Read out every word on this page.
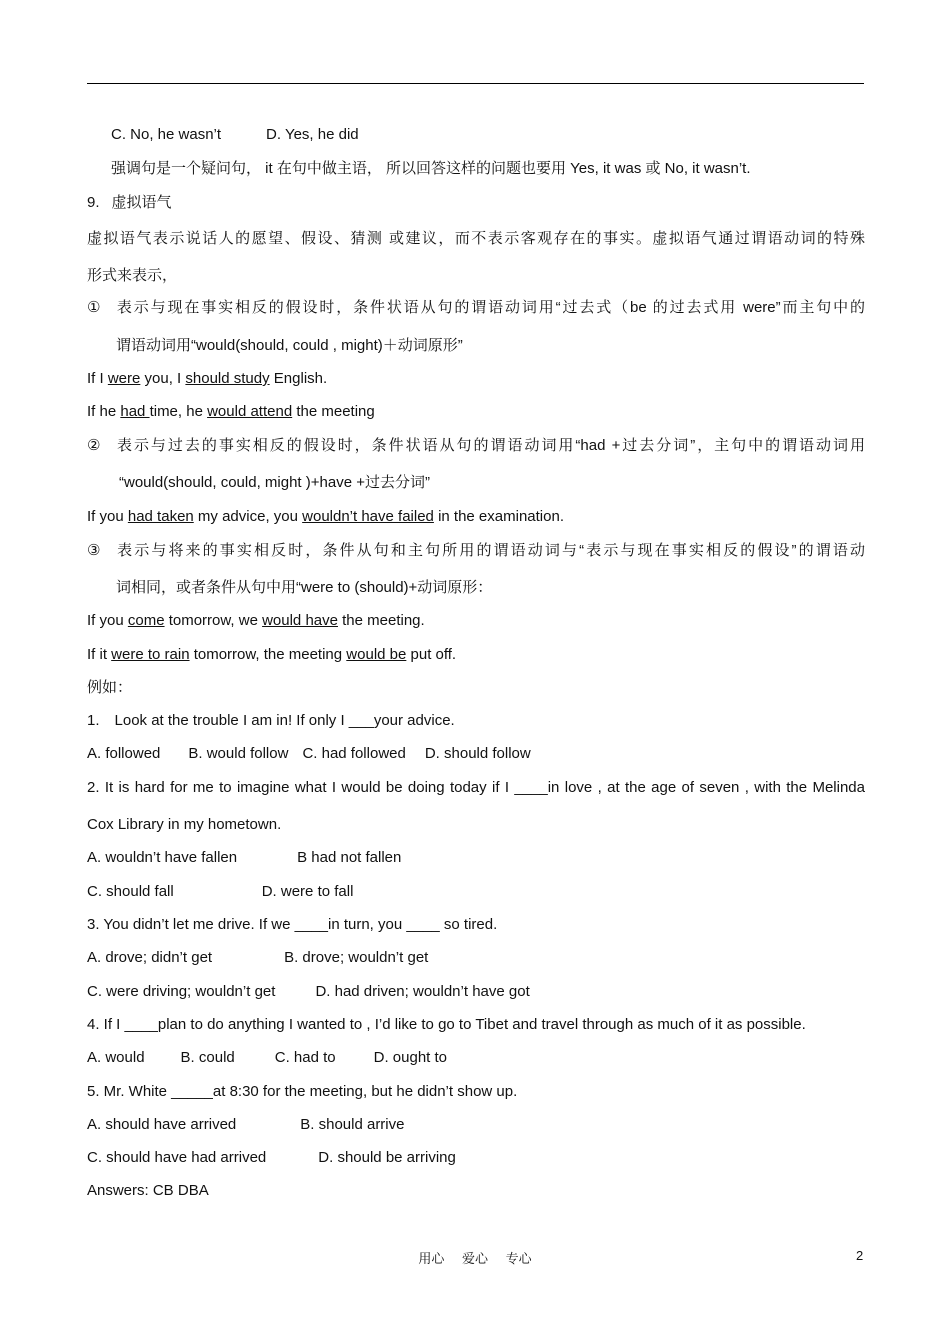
C. No, he wasn’t	D. Yes, he did
强调句是一个疑问句， it 在句中做主语， 所以回答这样的问题也要用 Yes, it was 或 No, it wasn’t.
9. 虚拟语气
虚拟语气表示说话人的愿望、假设、猜测 或建议，而不表示客观存在的事实。虚拟语气通过谓语动词的特殊
形式来表示，
① 表示与现在事实相反的假设时，条件状语从句的谓语动词用“过去式（be 的过去式用 were”而主句中的
谓语动词用“would(should, could , might)＋动词原形”
If I were you, I should study English.
If he had time, he would attend the meeting
② 表示与过去的事实相反的假设时，条件状语从句的谓语动词用“had +过去分词”，主句中的谓语动词用
“would(should, could, might )+have +过去分词”
If you had taken my advice, you wouldn’t have failed in the examination.
③ 表示与将来的事实相反时，条件从句和主句所用的谓语动词与“表示与现在事实相反的假设”的谓语动
词相同，或者条件从句中用“were to (should)+动词原形：
If you come tomorrow, we would have the meeting.
If it were to rain tomorrow, the meeting would be put off.
例如：
1. Look at the trouble I am in! If only I ___your advice.
A. followed B. would follow C. had followed D. should follow
2. It is hard for me to imagine what I would be doing today if I ____in love , at the age of seven , with the Melinda
Cox Library in my hometown.
A. wouldn’t have fallen	B had not fallen
C. should fall	D. were to fall
3. You didn’t let me drive. If we ____in turn, you ____ so tired.
A. drove; didn’t get	B. drove; wouldn’t get
C. were driving; wouldn’t get	D. had driven; wouldn’t have got
4. If I ____plan to do anything I wanted to , I’d like to go to Tibet and travel through as much of it as possible.
A. would B. could	C. had to	D. ought to
5. Mr. White _____at 8:30 for the meeting, but he didn’t show up.
A. should have arrived	B. should arrive
C. should have had arrived	D. should be arriving
Answers: CB DBA
用心 爱心 专心	2
